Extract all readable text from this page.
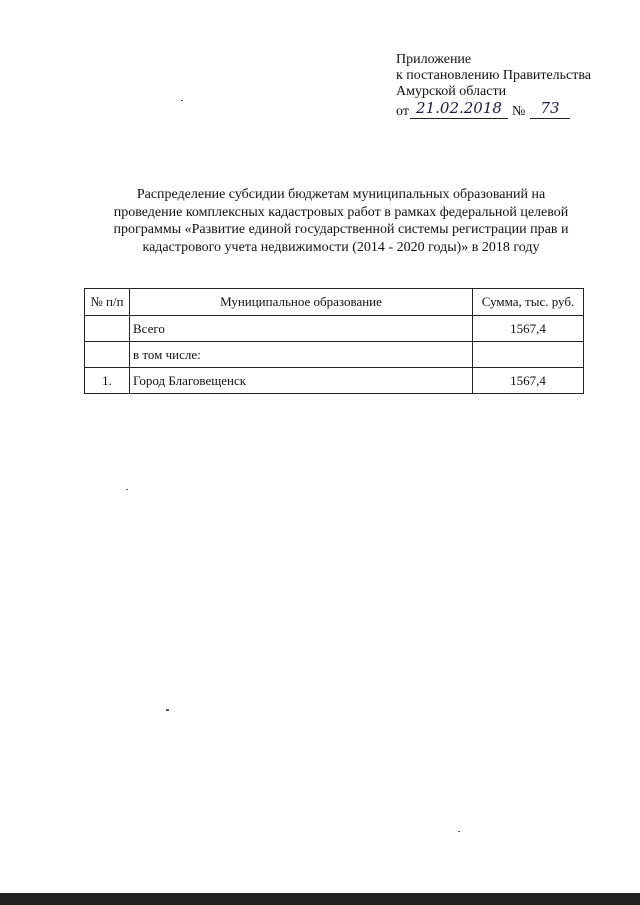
Приложение
к постановлению Правительства
Амурской области
от 21.02.2018 №	73
Распределение субсидии бюджетам муниципальных образований на
проведение комплексных кадастровых работ в рамках федеральной целевой
программы «Развитие единой государственной системы регистрации прав и
кадастрового учета недвижимости (2014 - 2020 годы)» в 2018 году
№ п/п	Муниципальное образование	Сумма, тыс. руб.
	Всего	1567,4
	в том числе:	
1.	Город Благовещенск	1567,4
